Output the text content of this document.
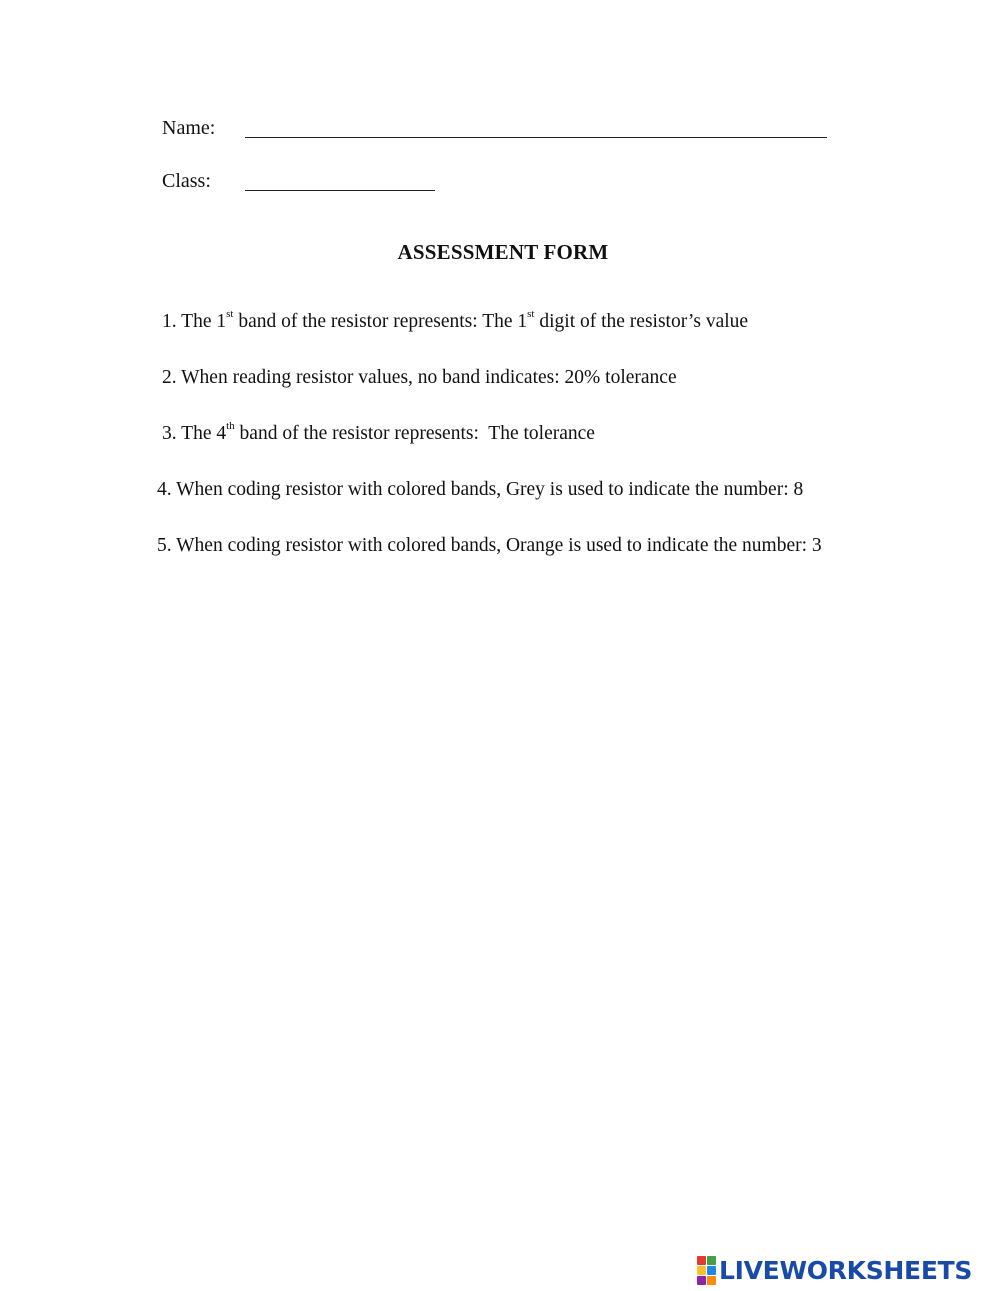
Name:
Class:
ASSESSMENT FORM
1. The 1st band of the resistor represents: The 1st digit of the resistor’s value
2. When reading resistor values, no band indicates: 20% tolerance
3. The 4th band of the resistor represents:  The tolerance
4. When coding resistor with colored bands, Grey is used to indicate the number: 8
5. When coding resistor with colored bands, Orange is used to indicate the number: 3
LIVEWORKSHEETS
